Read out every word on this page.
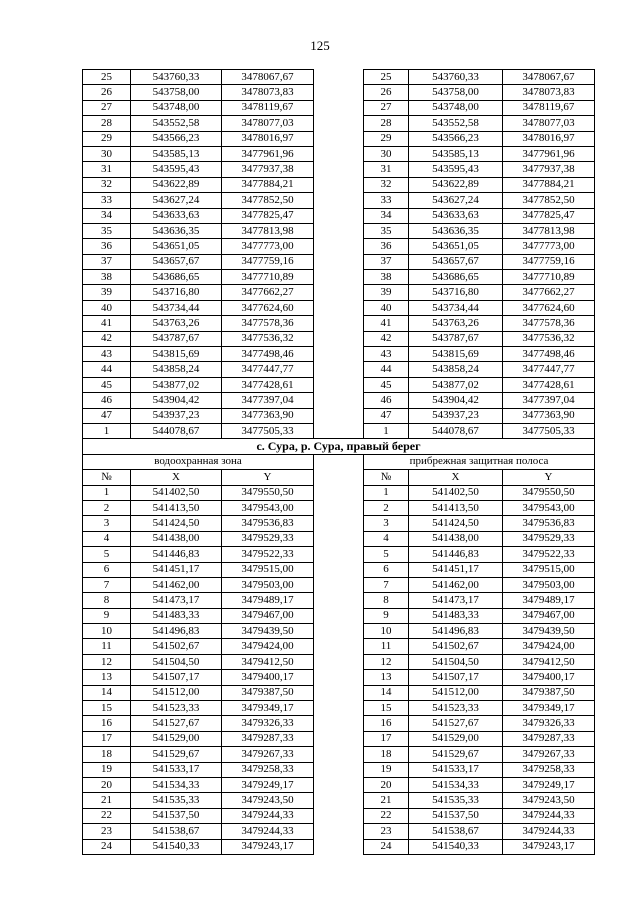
125
25	543760,33	3478067,67		25	543760,33	3478067,67
26	543758,00	3478073,83		26	543758,00	3478073,83
27	543748,00	3478119,67		27	543748,00	3478119,67
28	543552,58	3478077,03		28	543552,58	3478077,03
29	543566,23	3478016,97		29	543566,23	3478016,97
30	543585,13	3477961,96		30	543585,13	3477961,96
31	543595,43	3477937,38		31	543595,43	3477937,38
32	543622,89	3477884,21		32	543622,89	3477884,21
33	543627,24	3477852,50		33	543627,24	3477852,50
34	543633,63	3477825,47		34	543633,63	3477825,47
35	543636,35	3477813,98		35	543636,35	3477813,98
36	543651,05	3477773,00		36	543651,05	3477773,00
37	543657,67	3477759,16		37	543657,67	3477759,16
38	543686,65	3477710,89		38	543686,65	3477710,89
39	543716,80	3477662,27		39	543716,80	3477662,27
40	543734,44	3477624,60		40	543734,44	3477624,60
41	543763,26	3477578,36		41	543763,26	3477578,36
42	543787,67	3477536,32		42	543787,67	3477536,32
43	543815,69	3477498,46		43	543815,69	3477498,46
44	543858,24	3477447,77		44	543858,24	3477447,77
45	543877,02	3477428,61		45	543877,02	3477428,61
46	543904,42	3477397,04		46	543904,42	3477397,04
47	543937,23	3477363,90		47	543937,23	3477363,90
1	544078,67	3477505,33		1	544078,67	3477505,33
с. Сура, р. Сура, правый берег						
водоохранная зона				прибрежная защитная полоса		
№	X	Y		№	X	Y
1	541402,50	3479550,50		1	541402,50	3479550,50
2	541413,50	3479543,00		2	541413,50	3479543,00
3	541424,50	3479536,83		3	541424,50	3479536,83
4	541438,00	3479529,33		4	541438,00	3479529,33
5	541446,83	3479522,33		5	541446,83	3479522,33
6	541451,17	3479515,00		6	541451,17	3479515,00
7	541462,00	3479503,00		7	541462,00	3479503,00
8	541473,17	3479489,17		8	541473,17	3479489,17
9	541483,33	3479467,00		9	541483,33	3479467,00
10	541496,83	3479439,50		10	541496,83	3479439,50
11	541502,67	3479424,00		11	541502,67	3479424,00
12	541504,50	3479412,50		12	541504,50	3479412,50
13	541507,17	3479400,17		13	541507,17	3479400,17
14	541512,00	3479387,50		14	541512,00	3479387,50
15	541523,33	3479349,17		15	541523,33	3479349,17
16	541527,67	3479326,33		16	541527,67	3479326,33
17	541529,00	3479287,33		17	541529,00	3479287,33
18	541529,67	3479267,33		18	541529,67	3479267,33
19	541533,17	3479258,33		19	541533,17	3479258,33
20	541534,33	3479249,17		20	541534,33	3479249,17
21	541535,33	3479243,50		21	541535,33	3479243,50
22	541537,50	3479244,33		22	541537,50	3479244,33
23	541538,67	3479244,33		23	541538,67	3479244,33
24	541540,33	3479243,17		24	541540,33	3479243,17
